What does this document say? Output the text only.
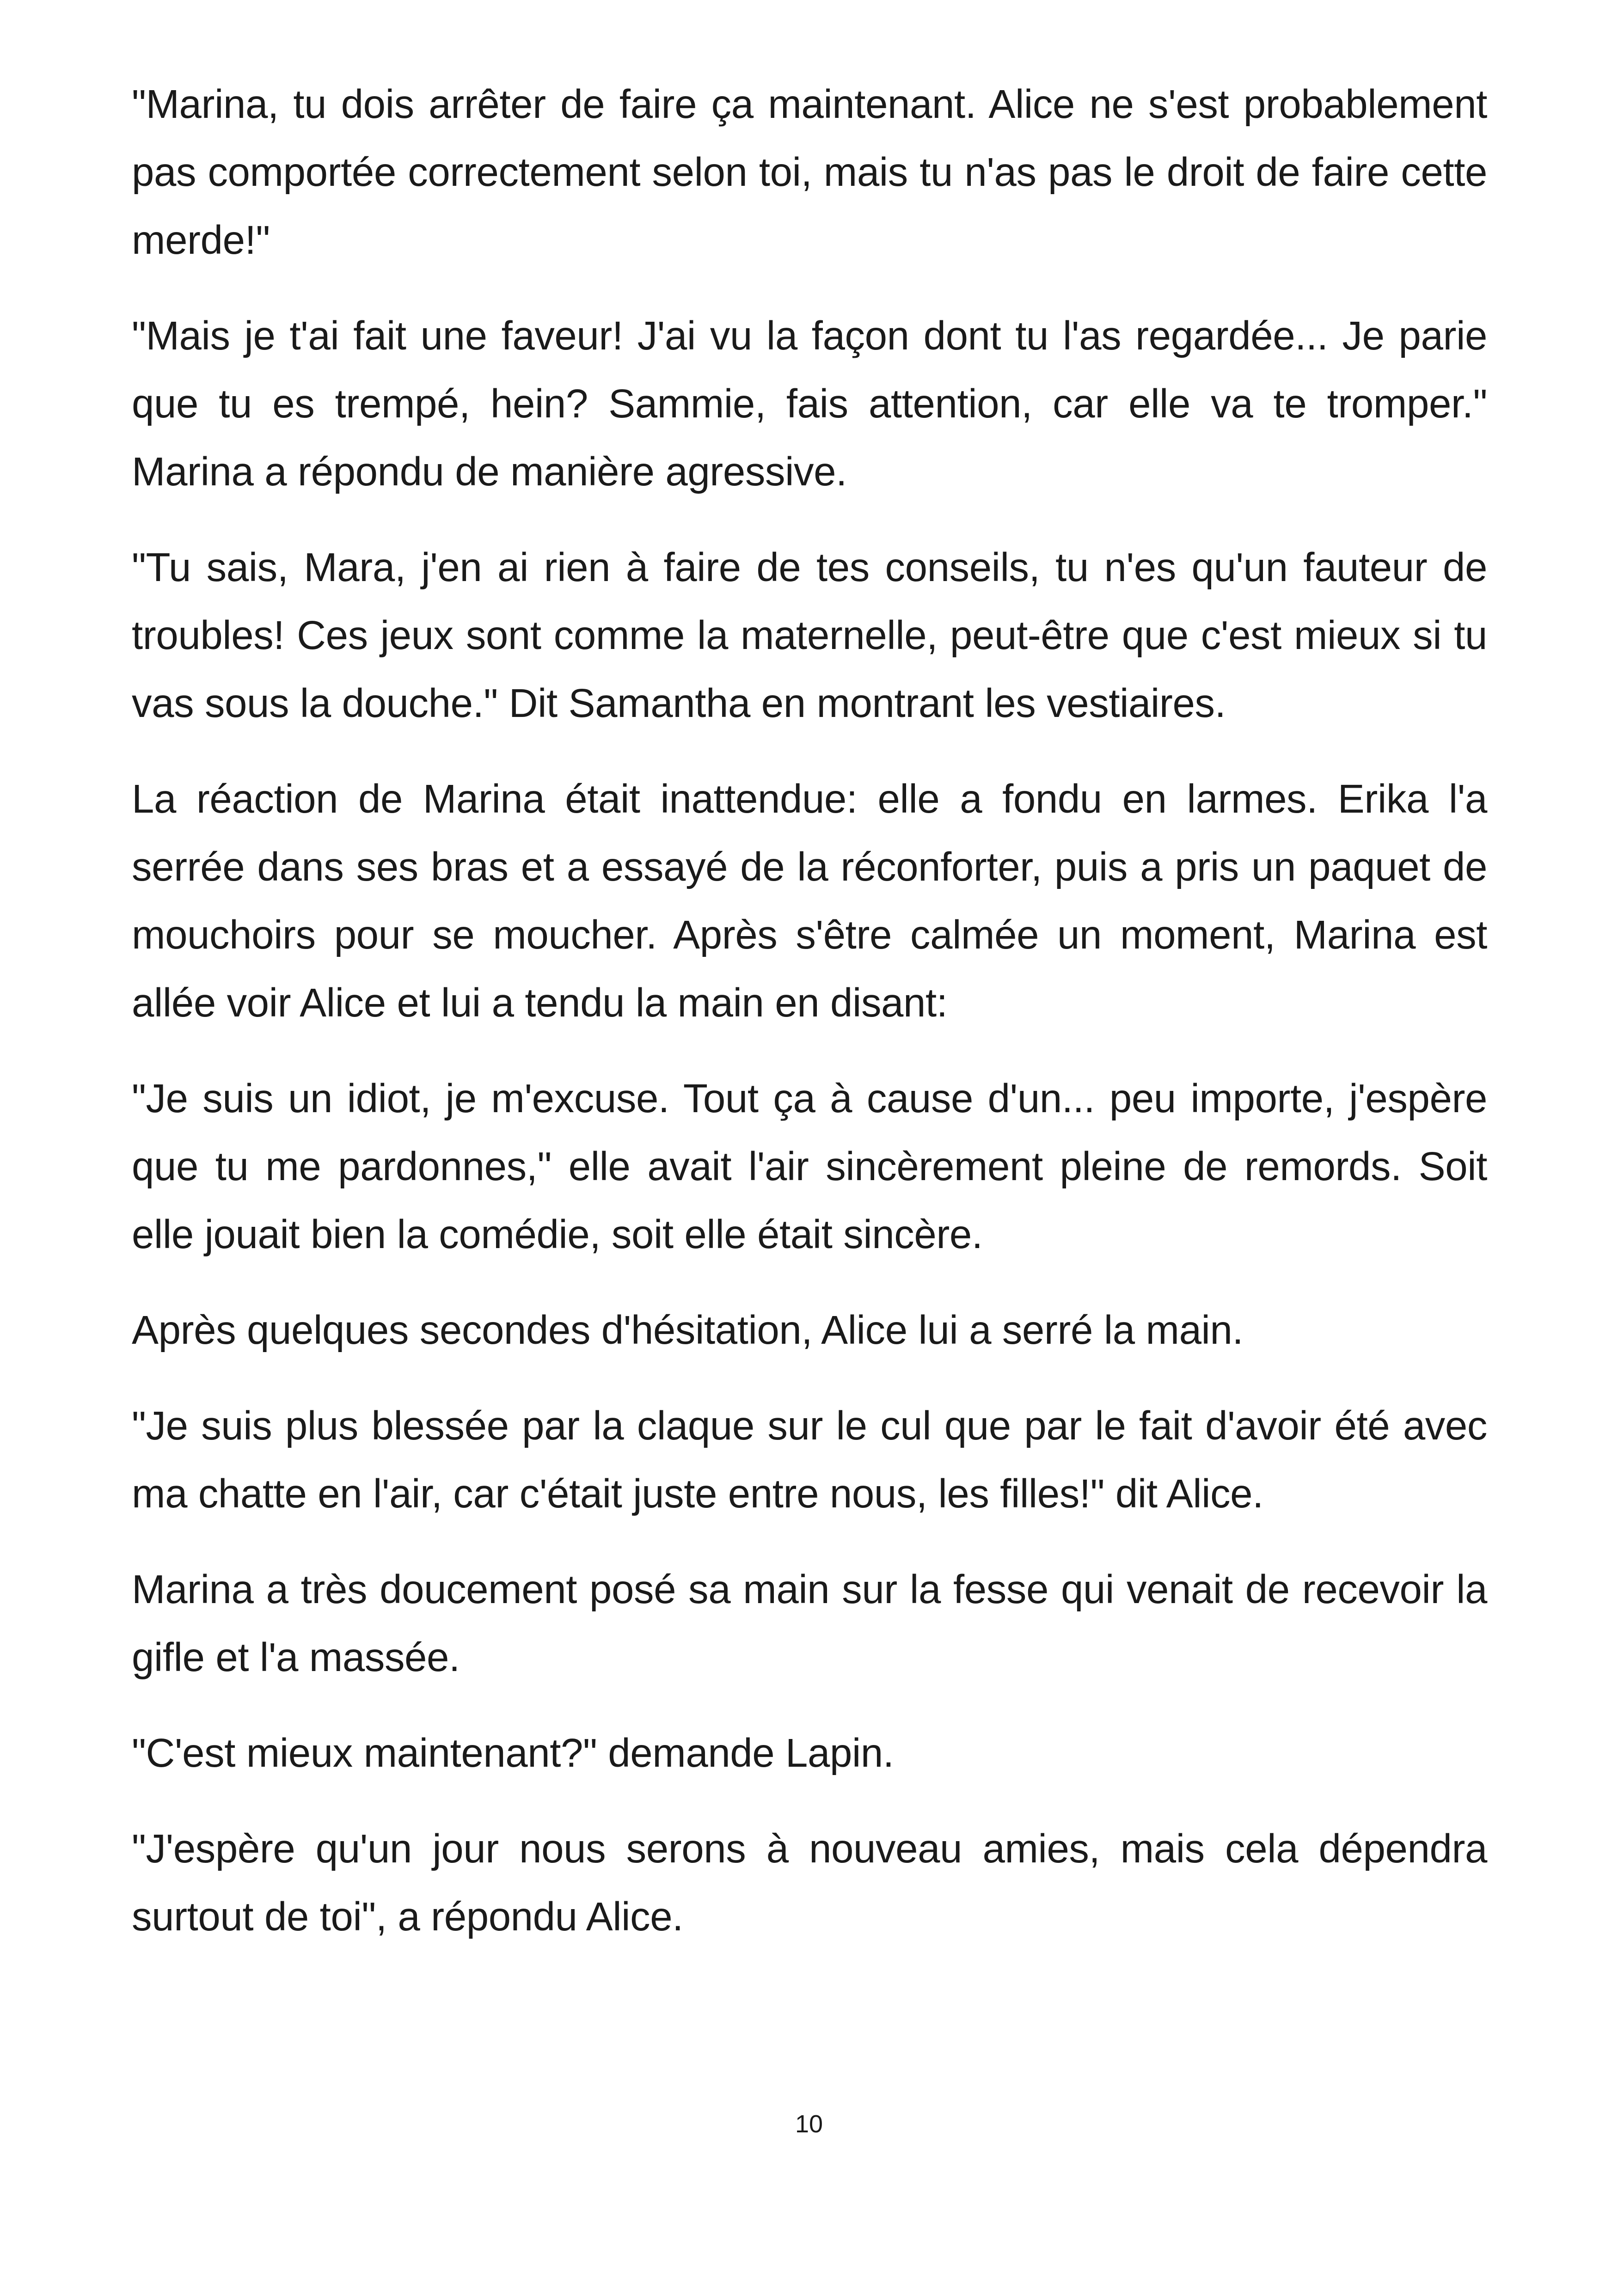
"Marina, tu dois arrêter de faire ça maintenant. Alice ne s'est probablement pas comportée correctement selon toi, mais tu n'as pas le droit de faire cette merde!"

"Mais je t'ai fait une faveur! J'ai vu la façon dont tu l'as regardée... Je parie que tu es trempé, hein? Sammie, fais attention, car elle va te tromper." Marina a répondu de manière agressive.

"Tu sais, Mara, j'en ai rien à faire de tes conseils, tu n'es qu'un fauteur de troubles! Ces jeux sont comme la maternelle, peut-être que c'est mieux si tu vas sous la douche." Dit Samantha en montrant les vestiaires.

La réaction de Marina était inattendue: elle a fondu en larmes. Erika l'a serrée dans ses bras et a essayé de la réconforter, puis a pris un paquet de mouchoirs pour se moucher. Après s'être calmée un moment, Marina est allée voir Alice et lui a tendu la main en disant:

"Je suis un idiot, je m'excuse. Tout ça à cause d'un... peu importe, j'espère que tu me pardonnes," elle avait l'air sincèrement pleine de remords. Soit elle jouait bien la comédie, soit elle était sincère.

Après quelques secondes d'hésitation, Alice lui a serré la main.

"Je suis plus blessée par la claque sur le cul que par le fait d'avoir été avec ma chatte en l'air, car c'était juste entre nous, les filles!" dit Alice.

Marina a très doucement posé sa main sur la fesse qui venait de recevoir la gifle et l'a massée.

"C'est mieux maintenant?" demande Lapin.

"J'espère qu'un jour nous serons à nouveau amies, mais cela dépendra surtout de toi", a répondu Alice.

10
